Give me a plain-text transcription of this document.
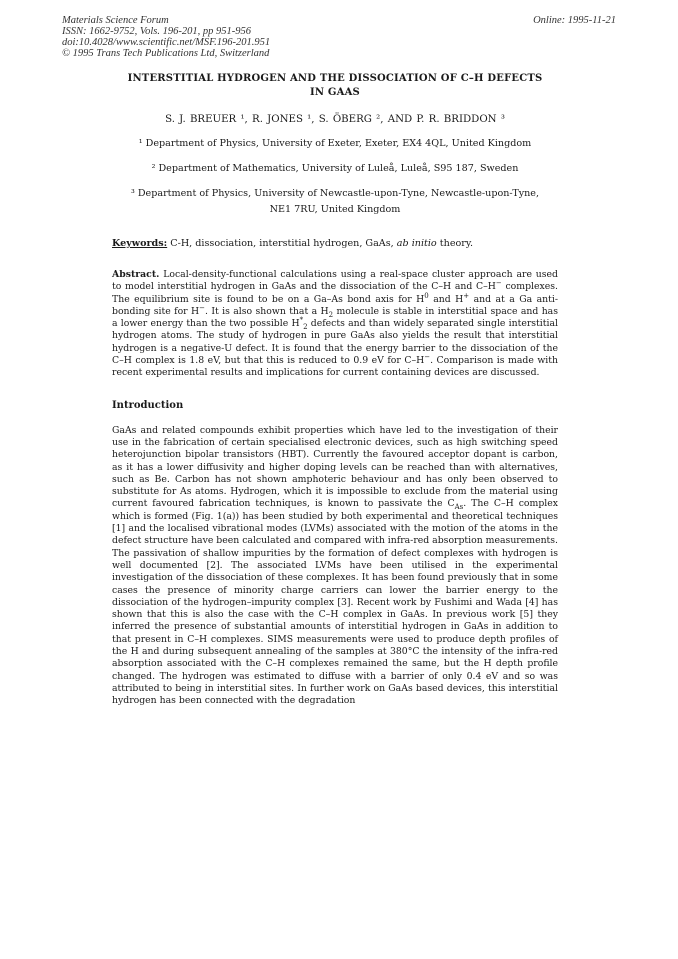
Materials Science Forum
ISSN: 1662-9752, Vols. 196-201, pp 951-956
doi:10.4028/www.scientific.net/MSF.196-201.951
© 1995 Trans Tech Publications Ltd, Switzerland
Online: 1995-11-21
INTERSTITIAL HYDROGEN AND THE DISSOCIATION OF C–H DEFECTS
IN GAAS
S. J. BREUER ¹, R. JONES ¹, S. ÖBERG ², AND P. R. BRIDDON ³
¹ Department of Physics, University of Exeter, Exeter, EX4 4QL, United Kingdom
² Department of Mathematics, University of Luleå, Luleå, S95 187, Sweden
³ Department of Physics, University of Newcastle-upon-Tyne, Newcastle-upon-Tyne,
NE1 7RU, United Kingdom
Keywords: C-H, dissociation, interstitial hydrogen, GaAs, ab initio theory.

Abstract. Local-density-functional calculations using a real-space cluster approach are used to model interstitial hydrogen in GaAs and the dissociation of the C–H and C–H− complexes. The equilibrium site is found to be on a Ga–As bond axis for $H^0$ and H+ and at a Ga anti-bonding site for H−. It is also shown that a $H_2$ molecule is stable in interstitial space and has a lower energy than the two possible $H^*_2$ defects and than widely separated single interstitial hydrogen atoms. The study of hydrogen in pure GaAs also yields the result that interstitial hydrogen is a negative-U defect. It is found that the energy barrier to the dissociation of the C–H complex is 1.8 eV, but that this is reduced to 0.9 eV for C–H−. Comparison is made with recent experimental results and implications for current containing devices are discussed.

Introduction

GaAs and related compounds exhibit properties which have led to the investigation of their use in the fabrication of certain specialised electronic devices, such as high switching speed heterojunction bipolar transistors (HBT). Currently the favoured acceptor dopant is carbon, as it has a lower diffusivity and higher doping levels can be reached than with alternatives, such as Be. Carbon has not shown amphoteric behaviour and has only been observed to substitute for As atoms. Hydrogen, which it is impossible to exclude from the material using current favoured fabrication techniques, is known to passivate the $C_{As}$. The C–H complex which is formed (Fig. 1(a)) has been studied by both experimental and theoretical techniques [1] and the localised vibrational modes (LVMs) associated with the motion of the atoms in the defect structure have been calculated and compared with infra-red absorption measurements. The passivation of shallow impurities by the formation of defect complexes with hydrogen is well documented [2]. The associated LVMs have been utilised in the experimental investigation of the dissociation of these complexes. It has been found previously that in some cases the presence of minority charge carriers can lower the barrier energy to the dissociation of the hydrogen–impurity complex [3]. Recent work by Fushimi and Wada [4] has shown that this is also the case with the C–H complex in GaAs. In previous work [5] they inferred the presence of substantial amounts of interstitial hydrogen in GaAs in addition to that present in C–H complexes. SIMS measurements were used to produce depth profiles of the H and during subsequent annealing of the samples at 380°C the intensity of the infra-red absorption associated with the C–H complexes remained the same, but the H depth profile changed. The hydrogen was estimated to diffuse with a barrier of only 0.4 eV and so was attributed to being in interstitial sites. In further work on GaAs based devices, this interstitial hydrogen has been connected with the degradation
